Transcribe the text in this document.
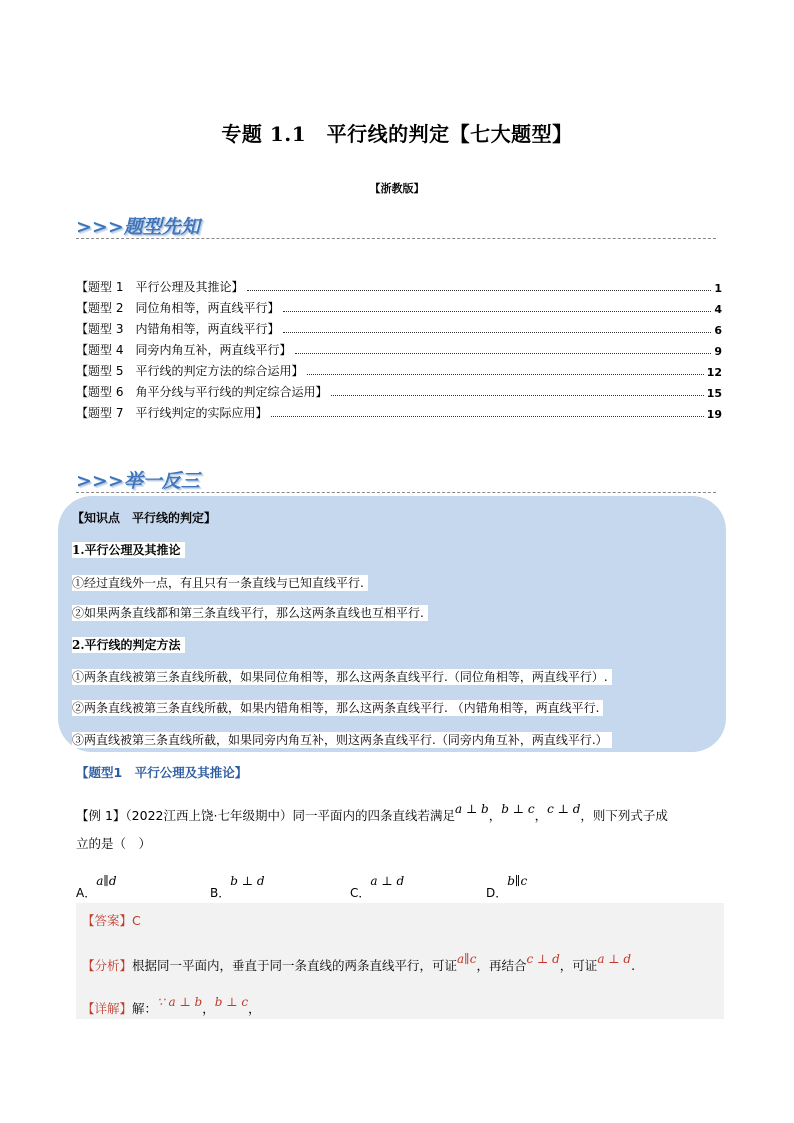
专题 1.1　平行线的判定【七大题型】
【浙教版】
>>>题型先知
【题型 1　平行公理及其推论】	1
【题型 2　同位角相等，两直线平行】	4
【题型 3　内错角相等，两直线平行】	6
【题型 4　同旁内角互补，两直线平行】	9
【题型 5　平行线的判定方法的综合运用】	12
【题型 6　角平分线与平行线的判定综合运用】	15
【题型 7　平行线判定的实际应用】	19
>>>举一反三
【知识点　平行线的判定】
1.平行公理及其推论
①经过直线外一点，有且只有一条直线与已知直线平行.
②如果两条直线都和第三条直线平行，那么这两条直线也互相平行.
2.平行线的判定方法
①两条直线被第三条直线所截，如果同位角相等，那么这两条直线平行.（同位角相等，两直线平行）.
②两条直线被第三条直线所截，如果内错角相等，那么这两条直线平行. （内错角相等，两直线平行.
③两直线被第三条直线所截，如果同旁内角互补，则这两条直线平行.（同旁内角互补，两直线平行.）
【题型1　平行公理及其推论】
【例 1】（2022江西上饶·七年级期中）同一平面内的四条直线若满足a ⊥ b，b ⊥ c，c ⊥ d，则下列式子成
立的是（　）
A．a∥d
B．b ⊥ d
C．a ⊥ d
D．b∥c
【答案】C
【分析】根据同一平面内，垂直于同一条直线的两条直线平行，可证a∥c，再结合c ⊥ d，可证a ⊥ d.
【详解】解：∵ a ⊥ b，b ⊥ c，
